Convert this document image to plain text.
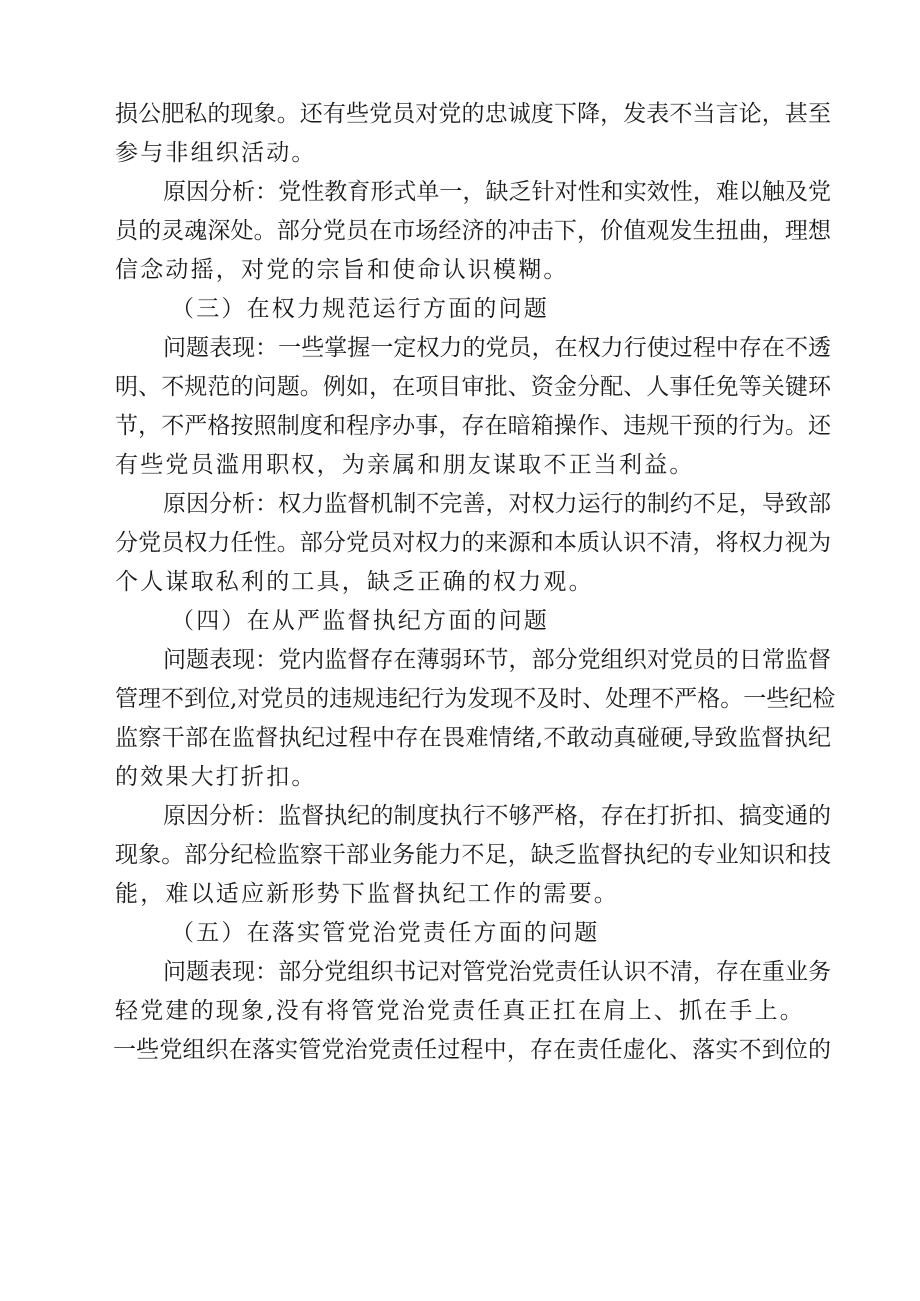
损公肥私的现象。还有些党员对党的忠诚度下降，发表不当言论，甚至
参与非组织活动。
原因分析：党性教育形式单一，缺乏针对性和实效性，难以触及党
员的灵魂深处。部分党员在市场经济的冲击下，价值观发生扭曲，理想
信念动摇，对党的宗旨和使命认识模糊。
（三）在权力规范运行方面的问题
问题表现：一些掌握一定权力的党员，在权力行使过程中存在不透
明、不规范的问题。例如，在项目审批、资金分配、人事任免等关键环
节，不严格按照制度和程序办事，存在暗箱操作、违规干预的行为。还
有些党员滥用职权，为亲属和朋友谋取不正当利益。
原因分析：权力监督机制不完善，对权力运行的制约不足，导致部
分党员权力任性。部分党员对权力的来源和本质认识不清，将权力视为
个人谋取私利的工具，缺乏正确的权力观。
（四）在从严监督执纪方面的问题
问题表现：党内监督存在薄弱环节，部分党组织对党员的日常监督
管理不到位,对党员的违规违纪行为发现不及时、处理不严格。一些纪检
监察干部在监督执纪过程中存在畏难情绪,不敢动真碰硬,导致监督执纪
的效果大打折扣。
原因分析：监督执纪的制度执行不够严格，存在打折扣、搞变通的
现象。部分纪检监察干部业务能力不足，缺乏监督执纪的专业知识和技
能，难以适应新形势下监督执纪工作的需要。
（五）在落实管党治党责任方面的问题
问题表现：部分党组织书记对管党治党责任认识不清，存在重业务
轻党建的现象,没有将管党治党责任真正扛在肩上、抓在手上。
一些党组织在落实管党治党责任过程中，存在责任虚化、落实不到位的
